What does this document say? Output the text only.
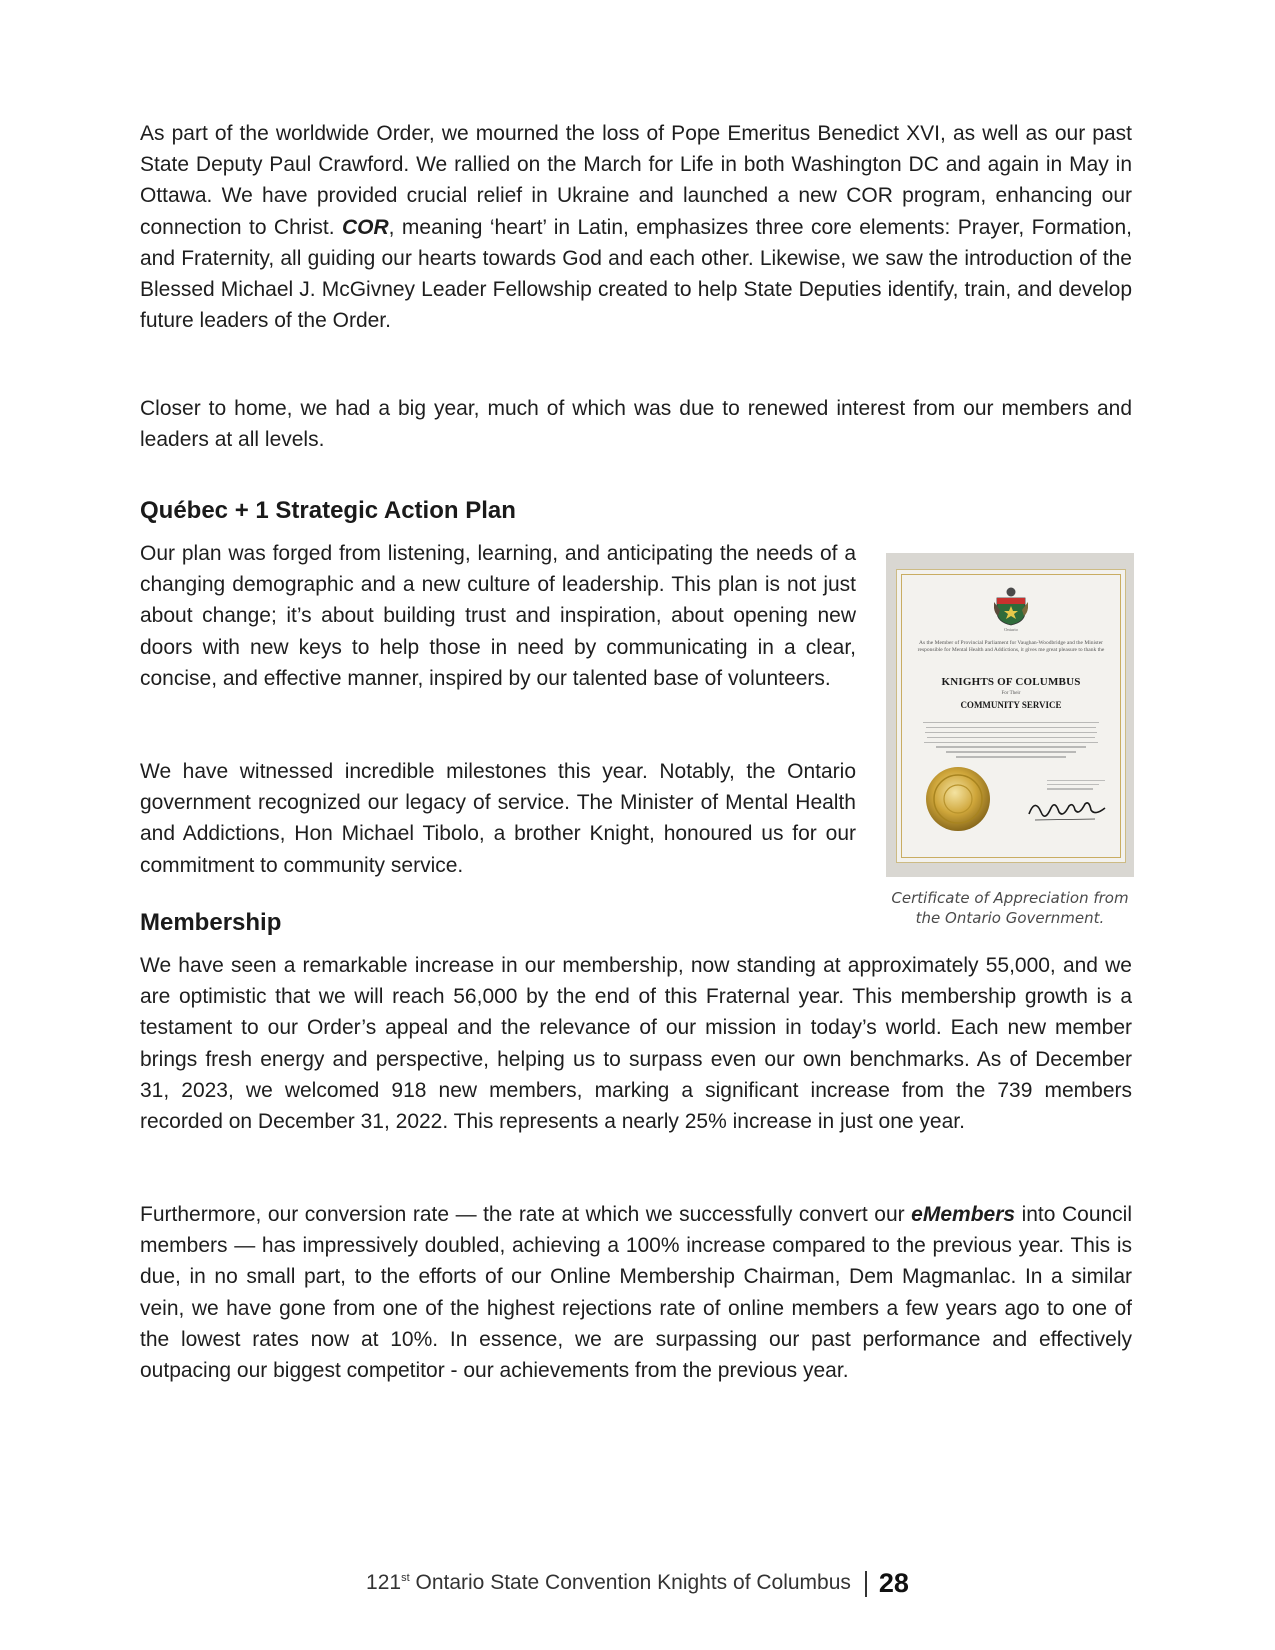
As part of the worldwide Order, we mourned the loss of Pope Emeritus Benedict XVI, as well as our past State Deputy Paul Crawford. We rallied on the March for Life in both Washington DC and again in May in Ottawa. We have provided crucial relief in Ukraine and launched a new COR program, enhancing our connection to Christ. COR, meaning ‘heart’ in Latin, emphasizes three core elements: Prayer, Formation, and Fraternity, all guiding our hearts towards God and each other. Likewise, we saw the introduction of the Blessed Michael J. McGivney Leader Fellowship created to help State Deputies identify, train, and develop future leaders of the Order.

Closer to home, we had a big year, much of which was due to renewed interest from our members and leaders at all levels.

Québec + 1 Strategic Action Plan

Our plan was forged from listening, learning, and anticipating the needs of a changing demographic and a new culture of leadership. This plan is not just about change; it’s about building trust and inspiration, about opening new doors with new keys to help those in need by communicating in a clear, concise, and effective manner, inspired by our talented base of volunteers.

We have witnessed incredible milestones this year. Notably, the Ontario government recognized our legacy of service. The Minister of Mental Health and Addictions, Hon Michael Tibolo, a brother Knight, honoured us for our commitment to community service.

Ontario
As the Member of Provincial Parliament for Vaughan-Woodbridge and the Minister responsible for Mental Health and Addictions, it gives me great pleasure to thank the
KNIGHTS OF COLUMBUS
For Their
COMMUNITY SERVICE
Certificate of Appreciation from the Ontario Government.
Membership

We have seen a remarkable increase in our membership, now standing at approximately 55,000, and we are optimistic that we will reach 56,000 by the end of this Fraternal year. This membership growth is a testament to our Order’s appeal and the relevance of our mission in today’s world. Each new member brings fresh energy and perspective, helping us to surpass even our own benchmarks. As of December 31, 2023, we welcomed 918 new members, marking a significant increase from the 739 members recorded on December 31, 2022. This represents a nearly 25% increase in just one year.

Furthermore, our conversion rate — the rate at which we successfully convert our eMembers into Council members — has impressively doubled, achieving a 100% increase compared to the previous year. This is due, in no small part, to the efforts of our Online Membership Chairman, Dem Magmanlac. In a similar vein, we have gone from one of the highest rejections rate of online members a few years ago to one of the lowest rates now at 10%. In essence, we are surpassing our past performance and effectively outpacing our biggest competitor - our achievements from the previous year.

121st Ontario State Convention Knights of Columbus 28
